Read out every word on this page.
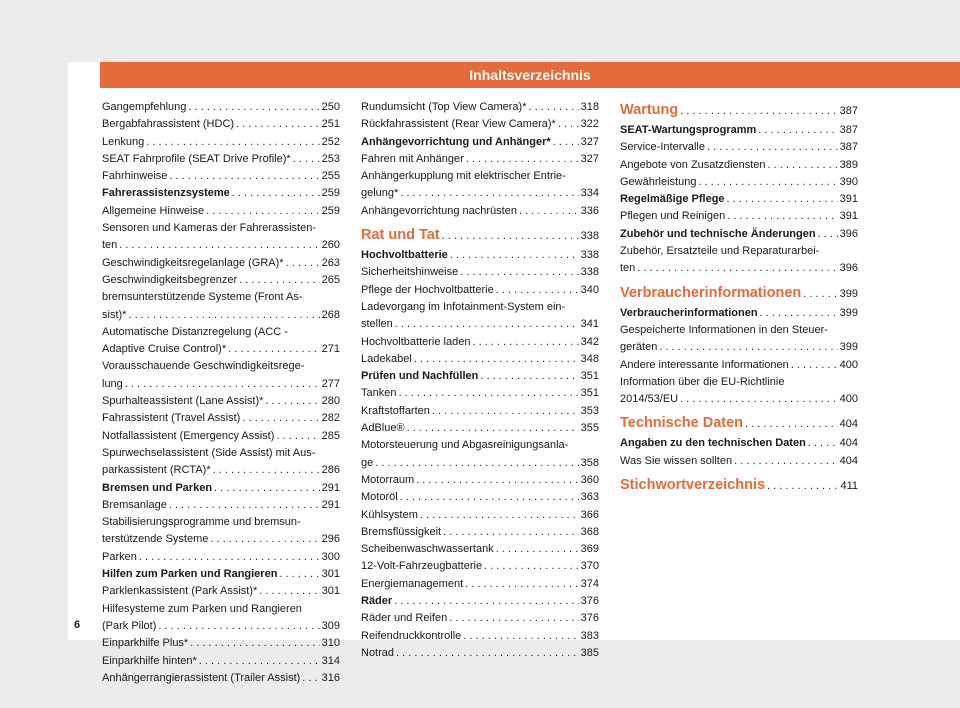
Inhaltsverzeichnis
Gangempfehlung . . .	250
Bergabfahrassistent (HDC) . . .	251
Lenkung . . .	252
SEAT Fahrprofile (SEAT Drive Profile)* . . .	253
Fahrhinweise . . .	255
Fahrerassistenzsysteme . . .	259
Allgemeine Hinweise . . .	259
Sensoren und Kameras der Fahrerassisten-
ten . . .	260
Geschwindigkeitsregelanlage (GRA)* . . .	263
Geschwindigkeitsbegrenzer . . .	265
bremsunterstützende Systeme (Front As-
sist)* . . .	268
Automatische Distanzregelung (ACC -
Adaptive Cruise Control)* . . .	271
Vorausschauende Geschwindigkeitsrege-
lung . . .	277
Spurhalteassistent (Lane Assist)* . . .	280
Fahrassistent (Travel Assist) . . .	282
Notfallassistent (Emergency Assist) . . .	285
Spurwechselassistent (Side Assist) mit Aus-
parkassistent (RCTA)* . . .	286
Bremsen und Parken . . .	291
Bremsanlage . . .	291
Stabilisierungsprogramme und bremsun-
terstützende Systeme . . .	296
Parken . . .	300
Hilfen zum Parken und Rangieren . . .	301
Parklenkassistent (Park Assist)* . . .	301
Hilfesysteme zum Parken und Rangieren
(Park Pilot) . . .	309
Einparkhilfe Plus* . . .	310
Einparkhilfe hinten* . . .	314
Anhängerrangierassistent (Trailer Assist) . . . 316
Rundumsicht (Top View Camera)* . . .	318
Rückfahrassistent (Rear View Camera)* . . . 322
Anhängevorrichtung und Anhänger* . . .	327
Fahren mit Anhänger . . .	327
Anhängerkupplung mit elektrischer Entrie-
gelung* . . .	334
Anhängevorrichtung nachrüsten . . .	336
Rat und Tat . . .	338
Hochvoltbatterie . . .	338
Sicherheitshinweise . . .	338
Pflege der Hochvoltbatterie . . .	340
Ladevorgang im Infotainment-System ein-
stellen . . .	341
Hochvoltbatterie laden . . .	342
Ladekabel . . .	348
Prüfen und Nachfüllen . . .	351
Tanken . . .	351
Kraftstoffarten . . .	353
AdBlue® . . .	355
Motorsteuerung und Abgasreinigungsanla-
ge . . .	358
Motorraum . . .	360
Motoröl . . .	363
Kühlsystem . . .	366
Bremsflüssigkeit . . .	368
Scheibenwaschwassertank . . .	369
12-Volt-Fahrzeugbatterie . . .	370
Energiemanagement . . .	374
Räder . . .	376
Räder und Reifen . . .	376
Reifendruckkontrolle . . .	383
Notrad . . .	385
Wartung . . .	387
SEAT-Wartungsprogramm . . .	387
Service-Intervalle . . .	387
Angebote von Zusatzdiensten . . .	389
Gewährleistung . . .	390
Regelmäßige Pflege . . .	391
Pflegen und Reinigen . . .	391
Zubehör und technische Änderungen . . . 396
Zubehör, Ersatzteile und Reparaturarbei-
ten . . .	396
Verbraucherinformationen . . .	399
Verbraucherinformationen . . .	399
Gespeicherte Informationen in den Steuer-
geräten . . .	399
Andere interessante Informationen . . .	400
Information über die EU-Richtlinie
2014/53/EU . . .	400
Technische Daten . . .	404
Angaben zu den technischen Daten . . .	404
Was Sie wissen sollten . . .	404
Stichwortverzeichnis . . .	411
6
